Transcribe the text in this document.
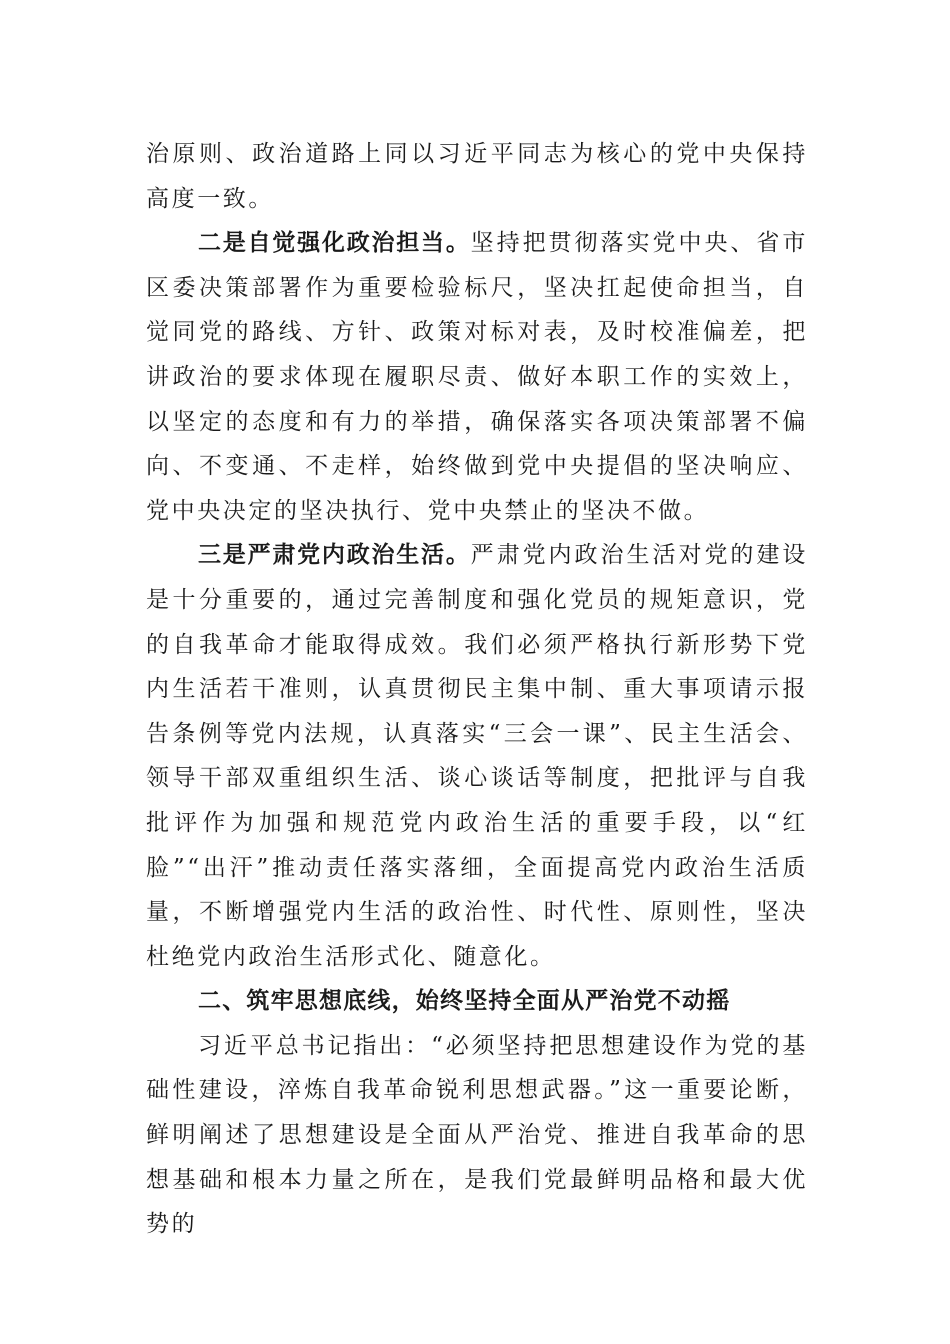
治原则、政治道路上同以习近平同志为核心的党中央保持高度一致。

二是自觉强化政治担当。坚持把贯彻落实党中央、省市区委决策部署作为重要检验标尺，坚决扛起使命担当，自觉同党的路线、方针、政策对标对表，及时校准偏差，把讲政治的要求体现在履职尽责、做好本职工作的实效上，以坚定的态度和有力的举措，确保落实各项决策部署不偏向、不变通、不走样，始终做到党中央提倡的坚决响应、党中央决定的坚决执行、党中央禁止的坚决不做。

三是严肃党内政治生活。严肃党内政治生活对党的建设是十分重要的，通过完善制度和强化党员的规矩意识，党的自我革命才能取得成效。我们必须严格执行新形势下党内生活若干准则，认真贯彻民主集中制、重大事项请示报告条例等党内法规，认真落实“三会一课”、民主生活会、领导干部双重组织生活、谈心谈话等制度，把批评与自我批评作为加强和规范党内政治生活的重要手段，以“红脸”“出汗”推动责任落实落细，全面提高党内政治生活质量，不断增强党内生活的政治性、时代性、原则性，坚决杜绝党内政治生活形式化、随意化。

二、筑牢思想底线，始终坚持全面从严治党不动摇

习近平总书记指出：“必须坚持把思想建设作为党的基础性建设，淬炼自我革命锐利思想武器。”这一重要论断，鲜明阐述了思想建设是全面从严治党、推进自我革命的思想基础和根本力量之所在，是我们党最鲜明品格和最大优势的
